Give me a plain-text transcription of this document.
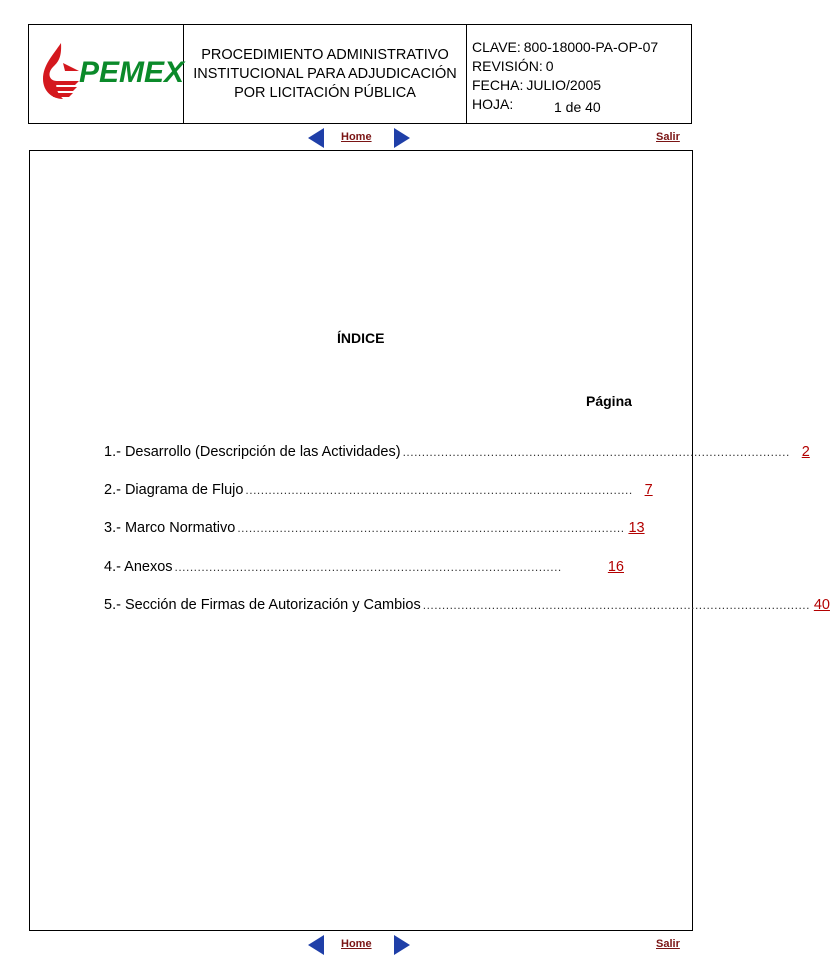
PEMEX
PROCEDIMIENTO ADMINISTRATIVO INSTITUCIONAL PARA ADJUDICACIÓN POR LICITACIÓN PÚBLICA
CLAVE: 800-18000-PA-OP-07
REVISIÓN: 0
FECHA: JULIO/2005
HOJA:	1 de 40
Home	Salir
ÍNDICE
Página
1.- Desarrollo (Descripción de las Actividades) ..................................................................................................... 2
2.- Diagrama de Flujo ..................................................................................................... 7
3.- Marco Normativo ..................................................................................................... 13
4.- Anexos .....................................................................................................	16
5.- Sección de Firmas de Autorización y Cambios ..................................................................................................... 40
Home	Salir
